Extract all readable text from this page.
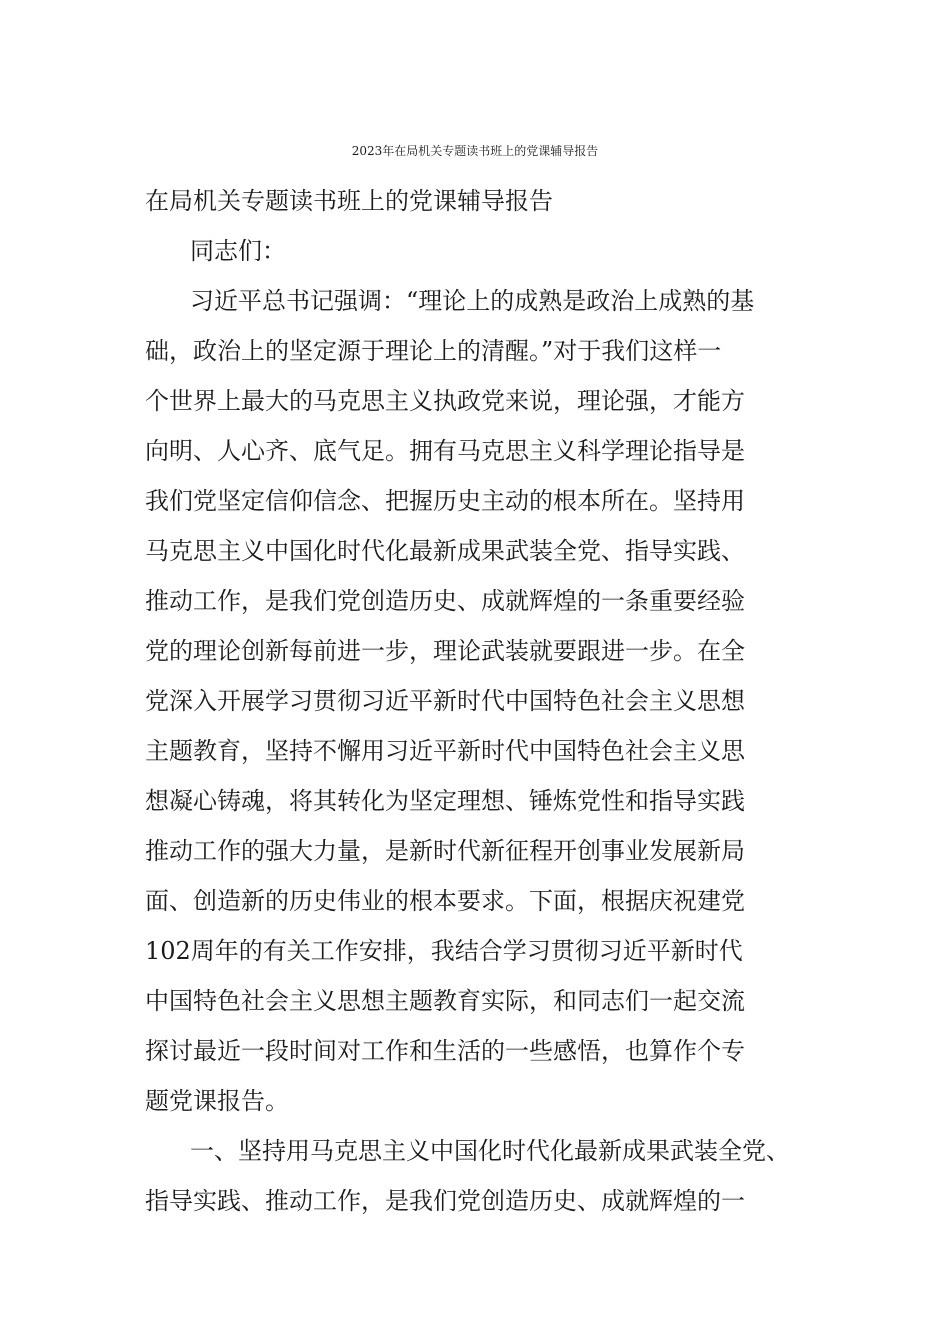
2023年在局机关专题读书班上的党课辅导报告
在局机关专题读书班上的党课辅导报告
同志们：
习近平总书记强调：“理论上的成熟是政治上成熟的基
础，政治上的坚定源于理论上的清醒。”对于我们这样一
个世界上最大的马克思主义执政党来说，理论强，才能方
向明、人心齐、底气足。拥有马克思主义科学理论指导是
我们党坚定信仰信念、把握历史主动的根本所在。坚持用
马克思主义中国化时代化最新成果武装全党、指导实践、
推动工作，是我们党创造历史、成就辉煌的一条重要经验
党的理论创新每前进一步，理论武装就要跟进一步。在全
党深入开展学习贯彻习近平新时代中国特色社会主义思想
主题教育，坚持不懈用习近平新时代中国特色社会主义思
想凝心铸魂，将其转化为坚定理想、锤炼党性和指导实践
推动工作的强大力量，是新时代新征程开创事业发展新局
面、创造新的历史伟业的根本要求。下面，根据庆祝建党
102周年的有关工作安排，我结合学习贯彻习近平新时代
中国特色社会主义思想主题教育实际，和同志们一起交流
探讨最近一段时间对工作和生活的一些感悟，也算作个专
题党课报告。
一、坚持用马克思主义中国化时代化最新成果武装全党、
指导实践、推动工作，是我们党创造历史、成就辉煌的一
